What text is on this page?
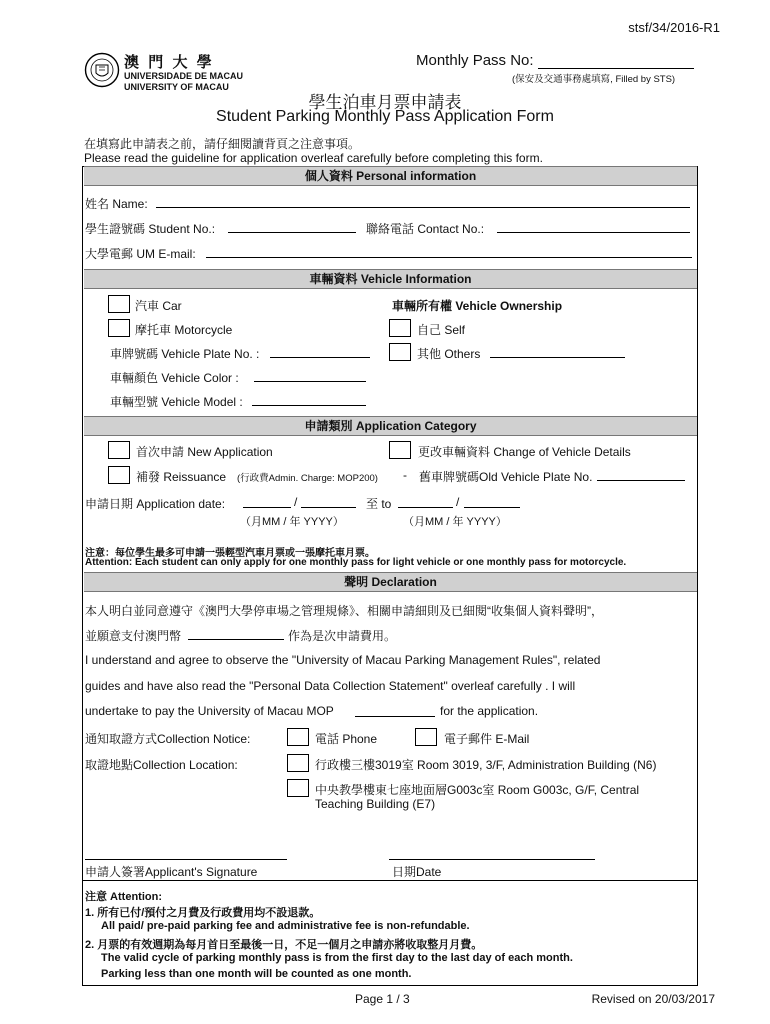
stsf/34/2016-R1
澳 門 大 學
UNIVERSIDADE DE MACAU
UNIVERSITY OF MACAU
Monthly Pass No:
(保安及交通事務處填寫, Filled by STS)
學生泊車月票申請表
Student Parking Monthly Pass Application Form
在填寫此申請表之前，請仔細閱讀背頁之注意事項。
Please read the guideline for application overleaf carefully before completing this form.
個人資料 Personal information
姓名 Name:
學生證號碼 Student No.:	聯絡電話 Contact No.:
大學電郵 UM E-mail:
車輛資料 Vehicle Information
汽車 Car
摩托車 Motorcycle
車牌號碼 Vehicle Plate No. :
車輛顏色 Vehicle Color :
車輛型號 Vehicle Model :
車輛所有權 Vehicle Ownership
自己 Self
其他 Others
申請類別 Application Category
首次申請 New Application	更改車輛資料 Change of Vehicle Details
補發 Reissuance (行政費Admin. Charge: MOP200) - 舊車牌號碼Old Vehicle Plate No.
申請日期 Application date:	/	至 to	/
（月MM / 年 YYYY）	（月MM / 年 YYYY）
注意：每位學生最多可申請一張輕型汽車月票或一張摩托車月票。
Attention: Each student can only apply for one monthly pass for light vehicle or one monthly pass for motorcycle.
聲明 Declaration
本人明白並同意遵守《澳門大學停車場之管理規條》、相關申請細則及已細閱“收集個人資料聲明”，
並願意支付澳門幣	作為是次申請費用。
I understand and agree to observe the "University of Macau Parking Management Rules", related
guides and have also read the "Personal Data Collection Statement" overleaf carefully . I will
undertake to pay the University of Macau MOP	for the application.
通知取證方式Collection Notice:	電話 Phone	電子郵件 E-Mail
取證地點Collection Location:	行政樓三樓3019室 Room 3019, 3/F, Administration Building (N6)
中央教學樓東七座地面層G003c室 Room G003c, G/F, Central
Teaching Building (E7)
申請人簽署Applicant's Signature	日期Date
注意 Attention:
1. 所有已付/預付之月費及行政費用均不設退款。
All paid/ pre-paid parking fee and administrative fee is non-refundable.
2. 月票的有效週期為每月首日至最後一日，不足一個月之申請亦將收取整月月費。
The valid cycle of parking monthly pass is from the first day to the last day of each month.
Parking less than one month will be counted as one month.
Page 1 / 3	Revised on 20/03/2017
